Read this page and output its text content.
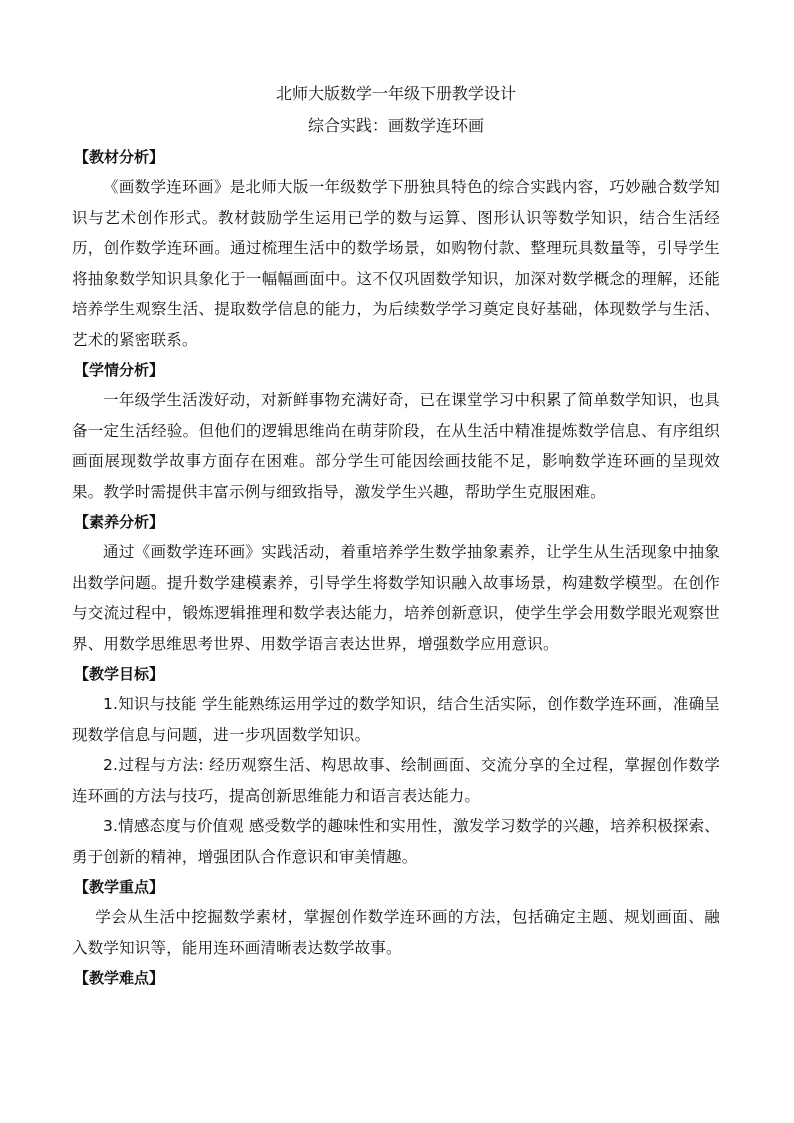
北师大版数学一年级下册教学设计
综合实践：画数学连环画

【教材分析】

《画数学连环画》是北师大版一年级数学下册独具特色的综合实践内容，巧妙融合数学知识与艺术创作形式。教材鼓励学生运用已学的数与运算、图形认识等数学知识，结合生活经历，创作数学连环画。通过梳理生活中的数学场景，如购物付款、整理玩具数量等，引导学生将抽象数学知识具象化于一幅幅画面中。这不仅巩固数学知识，加深对数学概念的理解，还能培养学生观察生活、提取数学信息的能力，为后续数学学习奠定良好基础，体现数学与生活、艺术的紧密联系。

【学情分析】

一年级学生活泼好动，对新鲜事物充满好奇，已在课堂学习中积累了简单数学知识，也具备一定生活经验。但他们的逻辑思维尚在萌芽阶段，在从生活中精准提炼数学信息、有序组织画面展现数学故事方面存在困难。部分学生可能因绘画技能不足，影响数学连环画的呈现效果。教学时需提供丰富示例与细致指导，激发学生兴趣，帮助学生克服困难。

【素养分析】

通过《画数学连环画》实践活动，着重培养学生数学抽象素养，让学生从生活现象中抽象出数学问题。提升数学建模素养，引导学生将数学知识融入故事场景，构建数学模型。在创作与交流过程中，锻炼逻辑推理和数学表达能力，培养创新意识，使学生学会用数学眼光观察世界、用数学思维思考世界、用数学语言表达世界，增强数学应用意识。

【教学目标】

1.知识与技能 学生能熟练运用学过的数学知识，结合生活实际，创作数学连环画，准确呈现数学信息与问题，进一步巩固数学知识。

2.过程与方法: 经历观察生活、构思故事、绘制画面、交流分享的全过程，掌握创作数学连环画的方法与技巧，提高创新思维能力和语言表达能力。

3.情感态度与价值观 感受数学的趣味性和实用性，激发学习数学的兴趣，培养积极探索、勇于创新的精神，增强团队合作意识和审美情趣。

【教学重点】

学会从生活中挖掘数学素材，掌握创作数学连环画的方法，包括确定主题、规划画面、融入数学知识等，能用连环画清晰表达数学故事。

【教学难点】
